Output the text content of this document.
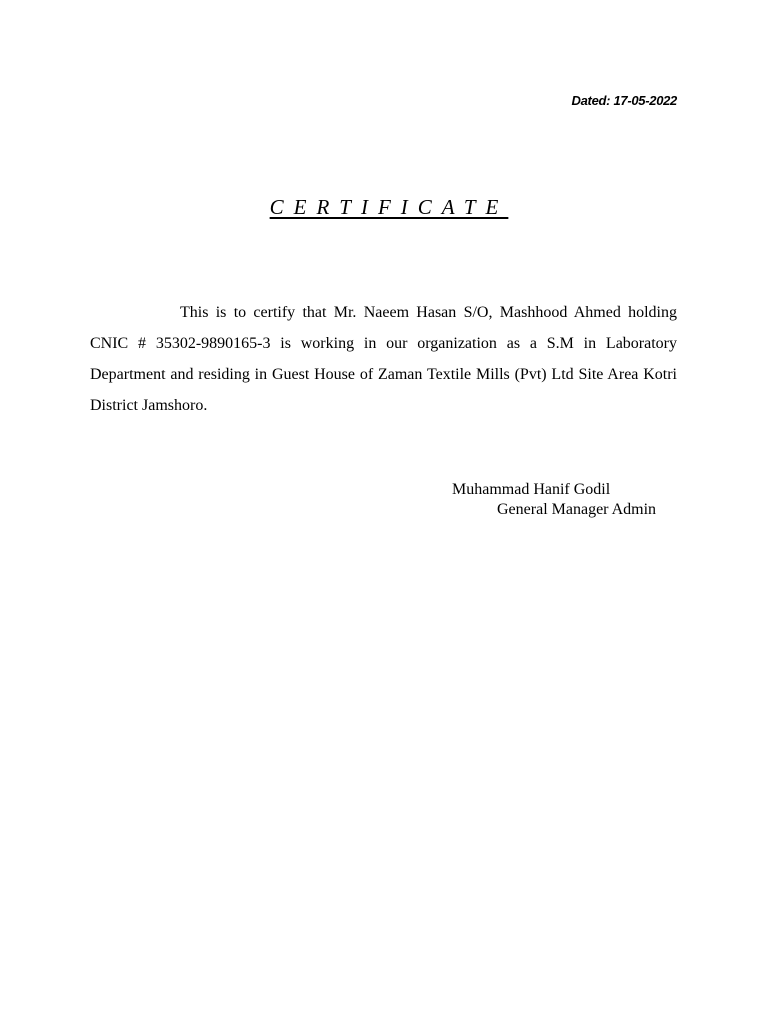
Dated: 17-05-2022
CERTIFICATE

This is to certify that Mr. Naeem Hasan S/O, Mashhood Ahmed holding CNIC # 35302-9890165-3 is working in our organization as a S.M in Laboratory Department and residing in Guest House of Zaman Textile Mills (Pvt) Ltd Site Area Kotri District Jamshoro.

Muhammad Hanif Godil
General Manager Admin
